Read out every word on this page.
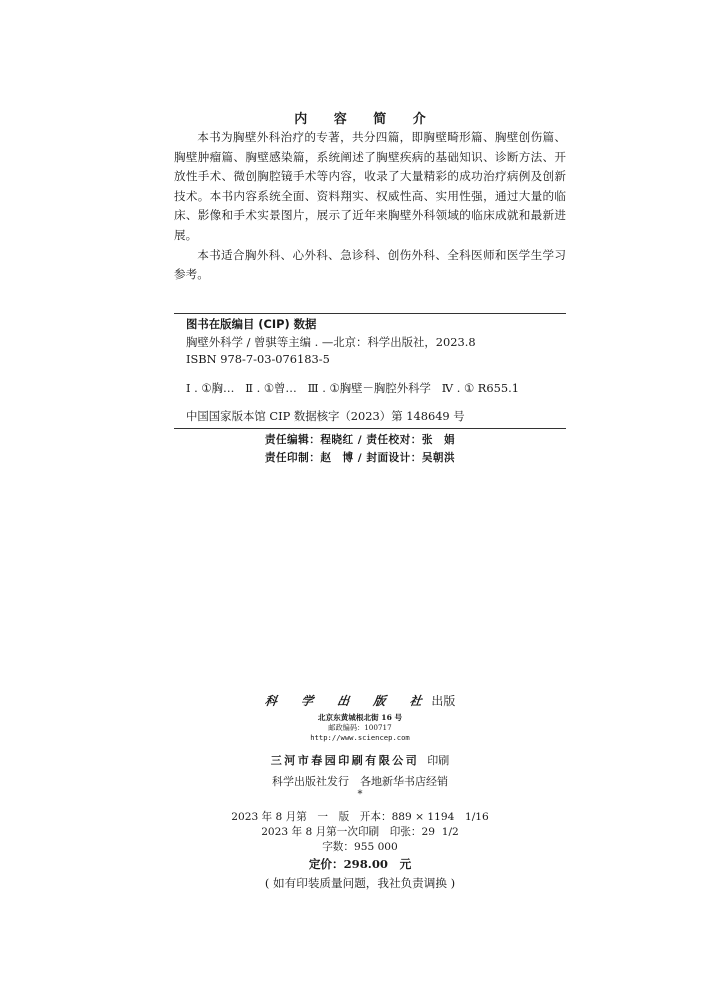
内 容 简 介

本书为胸壁外科治疗的专著，共分四篇，即胸壁畸形篇、胸壁创伤篇、胸壁肿瘤篇、胸壁感染篇，系统阐述了胸壁疾病的基础知识、诊断方法、开放性手术、微创胸腔镜手术等内容，收录了大量精彩的成功治疗病例及创新技术。本书内容系统全面、资料翔实、权威性高、实用性强，通过大量的临床、影像和手术实景图片，展示了近年来胸壁外科领域的临床成就和最新进展。

本书适合胸外科、心外科、急诊科、创伤外科、全科医师和医学生学习参考。

图书在版编目 (CIP) 数据
胸壁外科学 / 曾骐等主编 . —北京：科学出版社，2023.8
ISBN 978-7-03-076183-5
Ⅰ . ①胸…   Ⅱ . ①曾…   Ⅲ . ①胸壁－胸腔外科学   Ⅳ . ① R655.1
中国国家版本馆 CIP 数据核字（2023）第 148649 号
责任编辑：程晓红 / 责任校对：张　娟
责任印制：赵　博 / 封面设计：吴朝洪
科 学 出 版 社出版
北京东黄城根北街 16 号
邮政编码：100717
http://www.sciencep.com
三河市春园印刷有限公司 印刷
科学出版社发行　各地新华书店经销
*
2023 年 8 月第　一　版　开本：889 × 1194　1/16
2023 年 8 月第一次印刷　印张：29  1/2
字数：955 000
定价：298.00　元
( 如有印装质量问题，我社负责调换 )
